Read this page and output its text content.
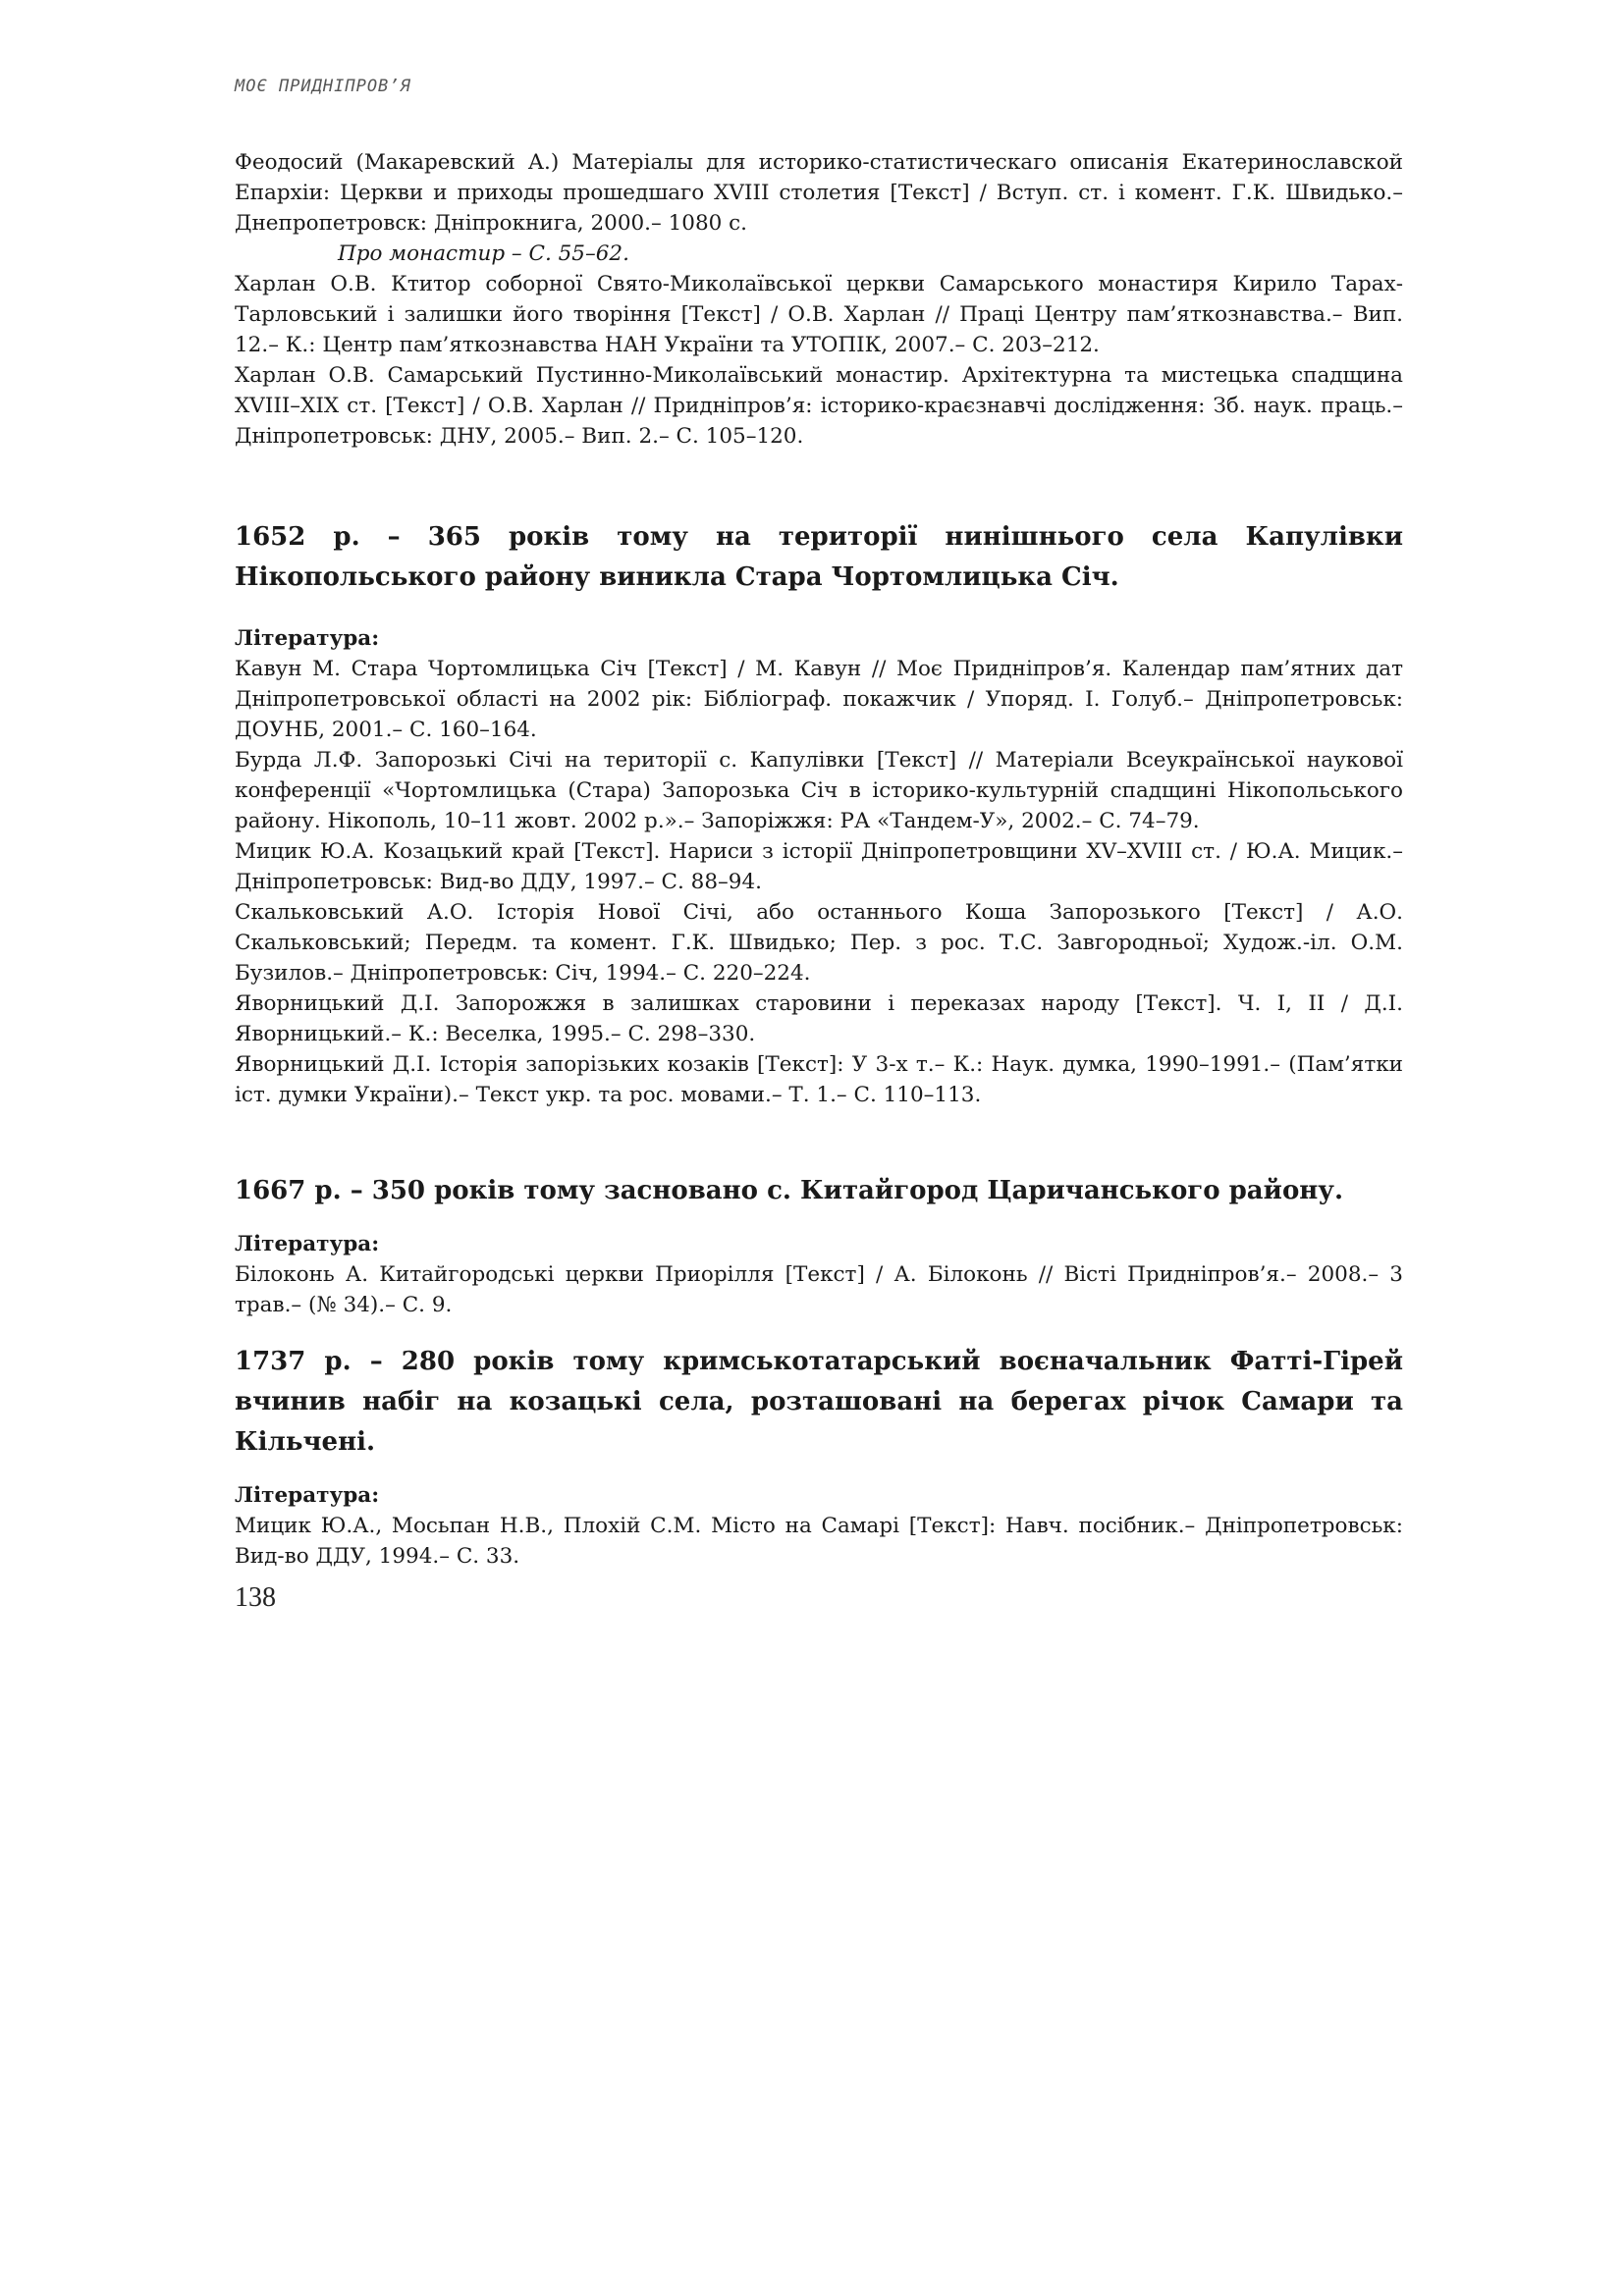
МОЄ ПРИДНІПРОВ’Я

Феодосий (Макаревский А.) Матеріалы для историко-статистическаго описанія Екатеринославской Епархіи: Церкви и приходы прошедшаго XVIII столетия [Текст] / Вступ. ст. і комент. Г.К. Швидько.– Днепропетровск: Дніпрокнига, 2000.– 1080 с.

Про монастир – С. 55–62.

Харлан О.В. Ктитор соборної Свято-Миколаївської церкви Самарського монастиря Кирило Тарах-Тарловський і залишки його творіння [Текст] / О.В. Харлан // Праці Центру пам’яткознавства.– Вип. 12.– К.: Центр пам’яткознавства НАН України та УТОПІК, 2007.– С. 203–212.

Харлан О.В. Самарський Пустинно-Миколаївський монастир. Архітектурна та мистецька спадщина XVIII–XIX ст. [Текст] / О.В. Харлан // Придніпров’я: історико-краєзнавчі дослідження: Зб. наук. праць.– Дніпропетровськ: ДНУ, 2005.– Вип. 2.– С. 105–120.

1652 р. – 365 років тому на території нинішнього села Капулівки Нікопольського району виникла Стара Чортомлицька Січ.

Література:

Кавун М. Стара Чортомлицька Січ [Текст] / М. Кавун // Моє Придніпров’я. Календар пам’ятних дат Дніпропетровської області на 2002 рік: Бібліограф. покажчик / Упоряд. І. Голуб.– Дніпропетровськ: ДОУНБ, 2001.– С. 160–164.

Бурда Л.Ф. Запорозькі Січі на території с. Капулівки [Текст] // Матеріали Всеукраїнської наукової конференції «Чортомлицька (Стара) Запорозька Січ в історико-культурній спадщині Нікопольського району. Нікополь, 10–11 жовт. 2002 р.».– Запоріжжя: РА «Тандем-У», 2002.– С. 74–79.

Мицик Ю.А. Козацький край [Текст]. Нариси з історії Дніпропетровщини XV–XVIII ст. / Ю.А. Мицик.– Дніпропетровськ: Вид-во ДДУ, 1997.– С. 88–94.

Скальковський А.О. Історія Нової Січі, або останнього Коша Запорозького [Текст] / А.О. Скальковський; Передм. та комент. Г.К. Швидько; Пер. з рос. Т.С. Завгородньої; Худож.-іл. О.М. Бузилов.– Дніпропетровськ: Січ, 1994.– С. 220–224.

Яворницький Д.І. Запорожжя в залишках старовини і переказах народу [Текст]. Ч. І, ІІ / Д.І. Яворницький.– К.: Веселка, 1995.– С. 298–330.

Яворницький Д.І. Історія запорізьких козаків [Текст]: У 3-х т.– К.: Наук. думка, 1990–1991.– (Пам’ятки іст. думки України).– Текст укр. та рос. мовами.– Т. 1.– С. 110–113.

1667 р. – 350 років тому засновано с. Китайгород Царичанського району.

Література:

Білоконь А. Китайгородські церкви Приорілля [Текст] / А. Білоконь // Вісті Придніпров’я.– 2008.– 3 трав.– (№ 34).– С. 9.

1737 р. – 280 років тому кримськотатарський воєначальник Фатті-Гірей вчинив набіг на козацькі села, розташовані на берегах річок Самари та Кільчені.

Література:

Мицик Ю.А., Мосьпан Н.В., Плохій С.М. Місто на Самарі [Текст]: Навч. посібник.– Дніпропетровськ: Вид-во ДДУ, 1994.– С. 33.

138
